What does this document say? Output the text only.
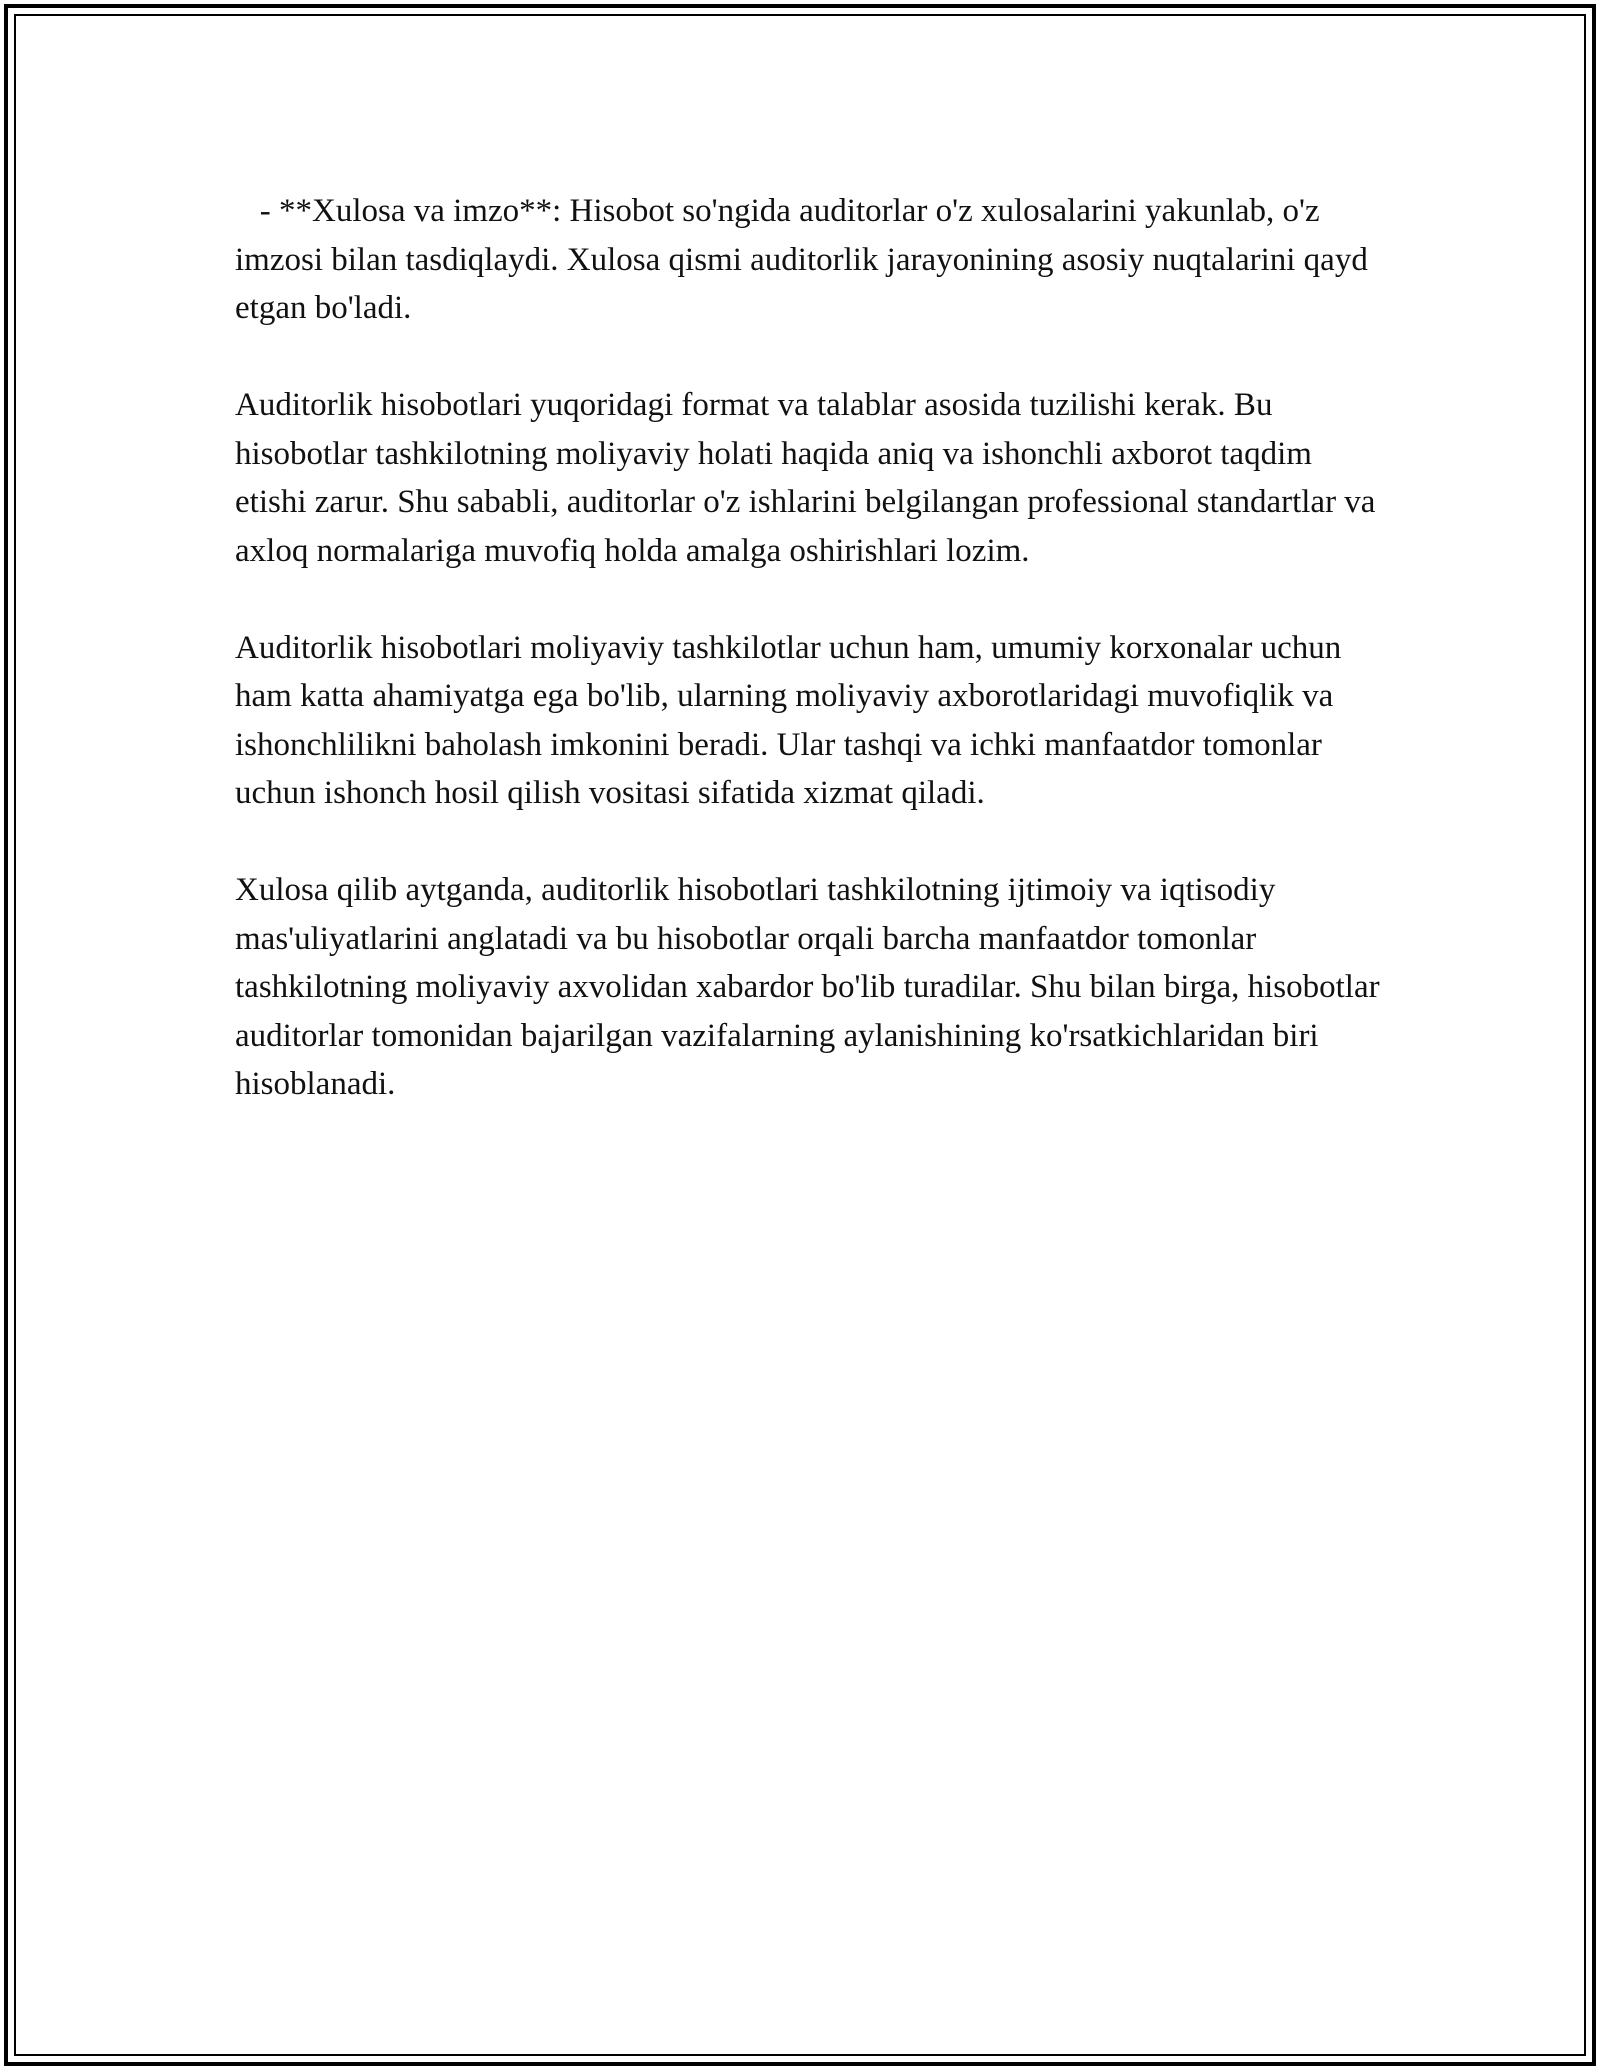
- **Xulosa va imzo**: Hisobot so'ngida auditorlar o'z xulosalarini yakunlab, o'z imzosi bilan tasdiqlaydi. Xulosa qismi auditorlik jarayonining asosiy nuqtalarini qayd etgan bo'ladi.

Auditorlik hisobotlari yuqoridagi format va talablar asosida tuzilishi kerak. Bu hisobotlar tashkilotning moliyaviy holati haqida aniq va ishonchli axborot taqdim etishi zarur. Shu sababli, auditorlar o'z ishlarini belgilangan professional standartlar va axloq normalariga muvofiq holda amalga oshirishlari lozim.

Auditorlik hisobotlari moliyaviy tashkilotlar uchun ham, umumiy korxonalar uchun ham katta ahamiyatga ega bo'lib, ularning moliyaviy axborotlaridagi muvofiqlik va ishonchlilikni baholash imkonini beradi. Ular tashqi va ichki manfaatdor tomonlar uchun ishonch hosil qilish vositasi sifatida xizmat qiladi.

Xulosa qilib aytganda, auditorlik hisobotlari tashkilotning ijtimoiy va iqtisodiy mas'uliyatlarini anglatadi va bu hisobotlar orqali barcha manfaatdor tomonlar tashkilotning moliyaviy axvolidan xabardor bo'lib turadilar. Shu bilan birga, hisobotlar auditorlar tomonidan bajarilgan vazifalarning aylanishining ko'rsatkichlaridan biri hisoblanadi.
